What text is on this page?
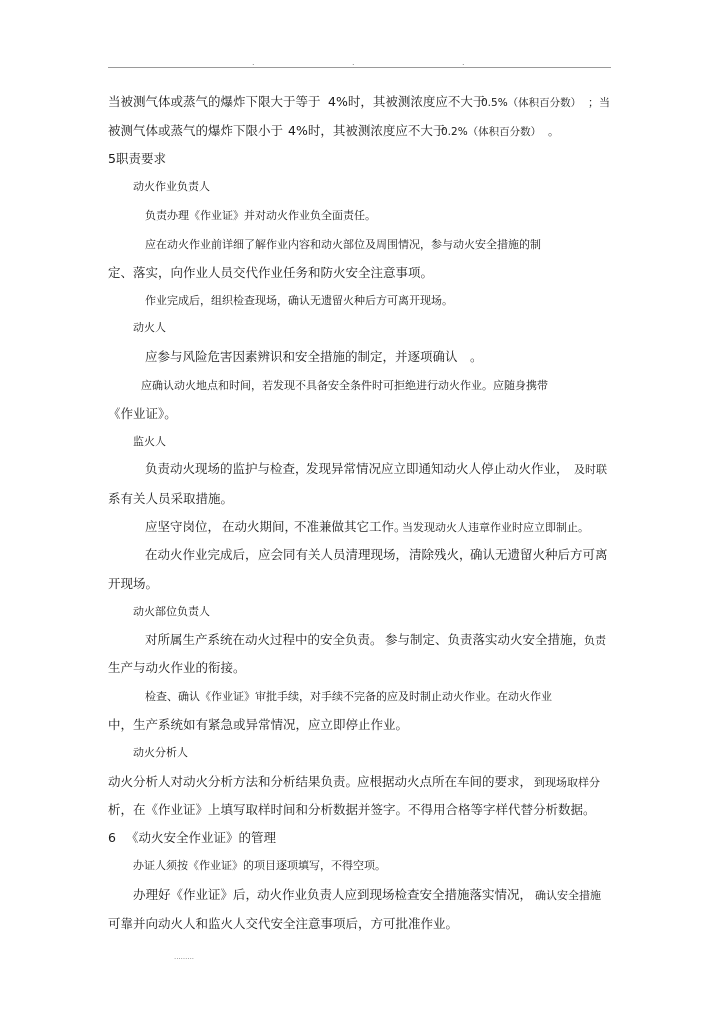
.	.	.
当被测气体或蒸气的爆炸下限大于等于 4%时，其被测浓度应不大于
0.5%（体积百分数） ；当
被测气体或蒸气的爆炸下限小于 4%时，其被测浓度应不大于
0.2%（体积百分数） 。
5职责要求
动火作业负责人
负责办理《作业证》并对动火作业负全面责任。
应在动火作业前详细了解作业内容和动火部位及周围情况，参与动火安全措施的制
定、落实，向作业人员交代作业任务和防火安全注意事项。
作业完成后，组织检查现场，确认无遗留火种后方可离开现场。
动火人
应参与风险危害因素辨识和安全措施的制定，并逐项确认 。
应确认动火地点和时间，若发现不具备安全条件时可拒绝进行动火作业。应随身携带
《作业证》。
监火人
负责动火现场的监护与检查，
发现异常情况应立即通知动火人停止动火作业， 及时联
系有关人员采取措施。
应坚守岗位， 在动火期间，
不准兼做其它工作。
当发现动火人违章作业时应立即制止。
在动火作业完成后， 应会同有关人员清理现场， 清除残火，
确认无遗留火种后方可离
开现场。
动火部位负责人
对所属生产系统在动火过程中的安全负责。 参与制定、负责落实动火安全措施，
负责
生产与动火作业的衔接。
检查、确认《作业证》审批手续，对手续不完备的应及时制止动火作业。在动火作业
中，生产系统如有紧急或异常情况，应立即停止作业。
动火分析人
动火分析人对动火分析方法和分析结果负责。
应根据动火点所在车间的要求， 到现场取样分
析，在《作业证》上填写取样时间和分析数据并签字。不得用合格等字样代替分析数据。
6 《动火安全作业证》的管理
办证人须按《作业证》的项目逐项填写，不得空项。
办理好《作业证》后，
动火作业负责人应到现场检查安全措施落实情况， 确认安全措施
可靠并向动火人和监火人交代安全注意事项后，方可批准作业。
.........
